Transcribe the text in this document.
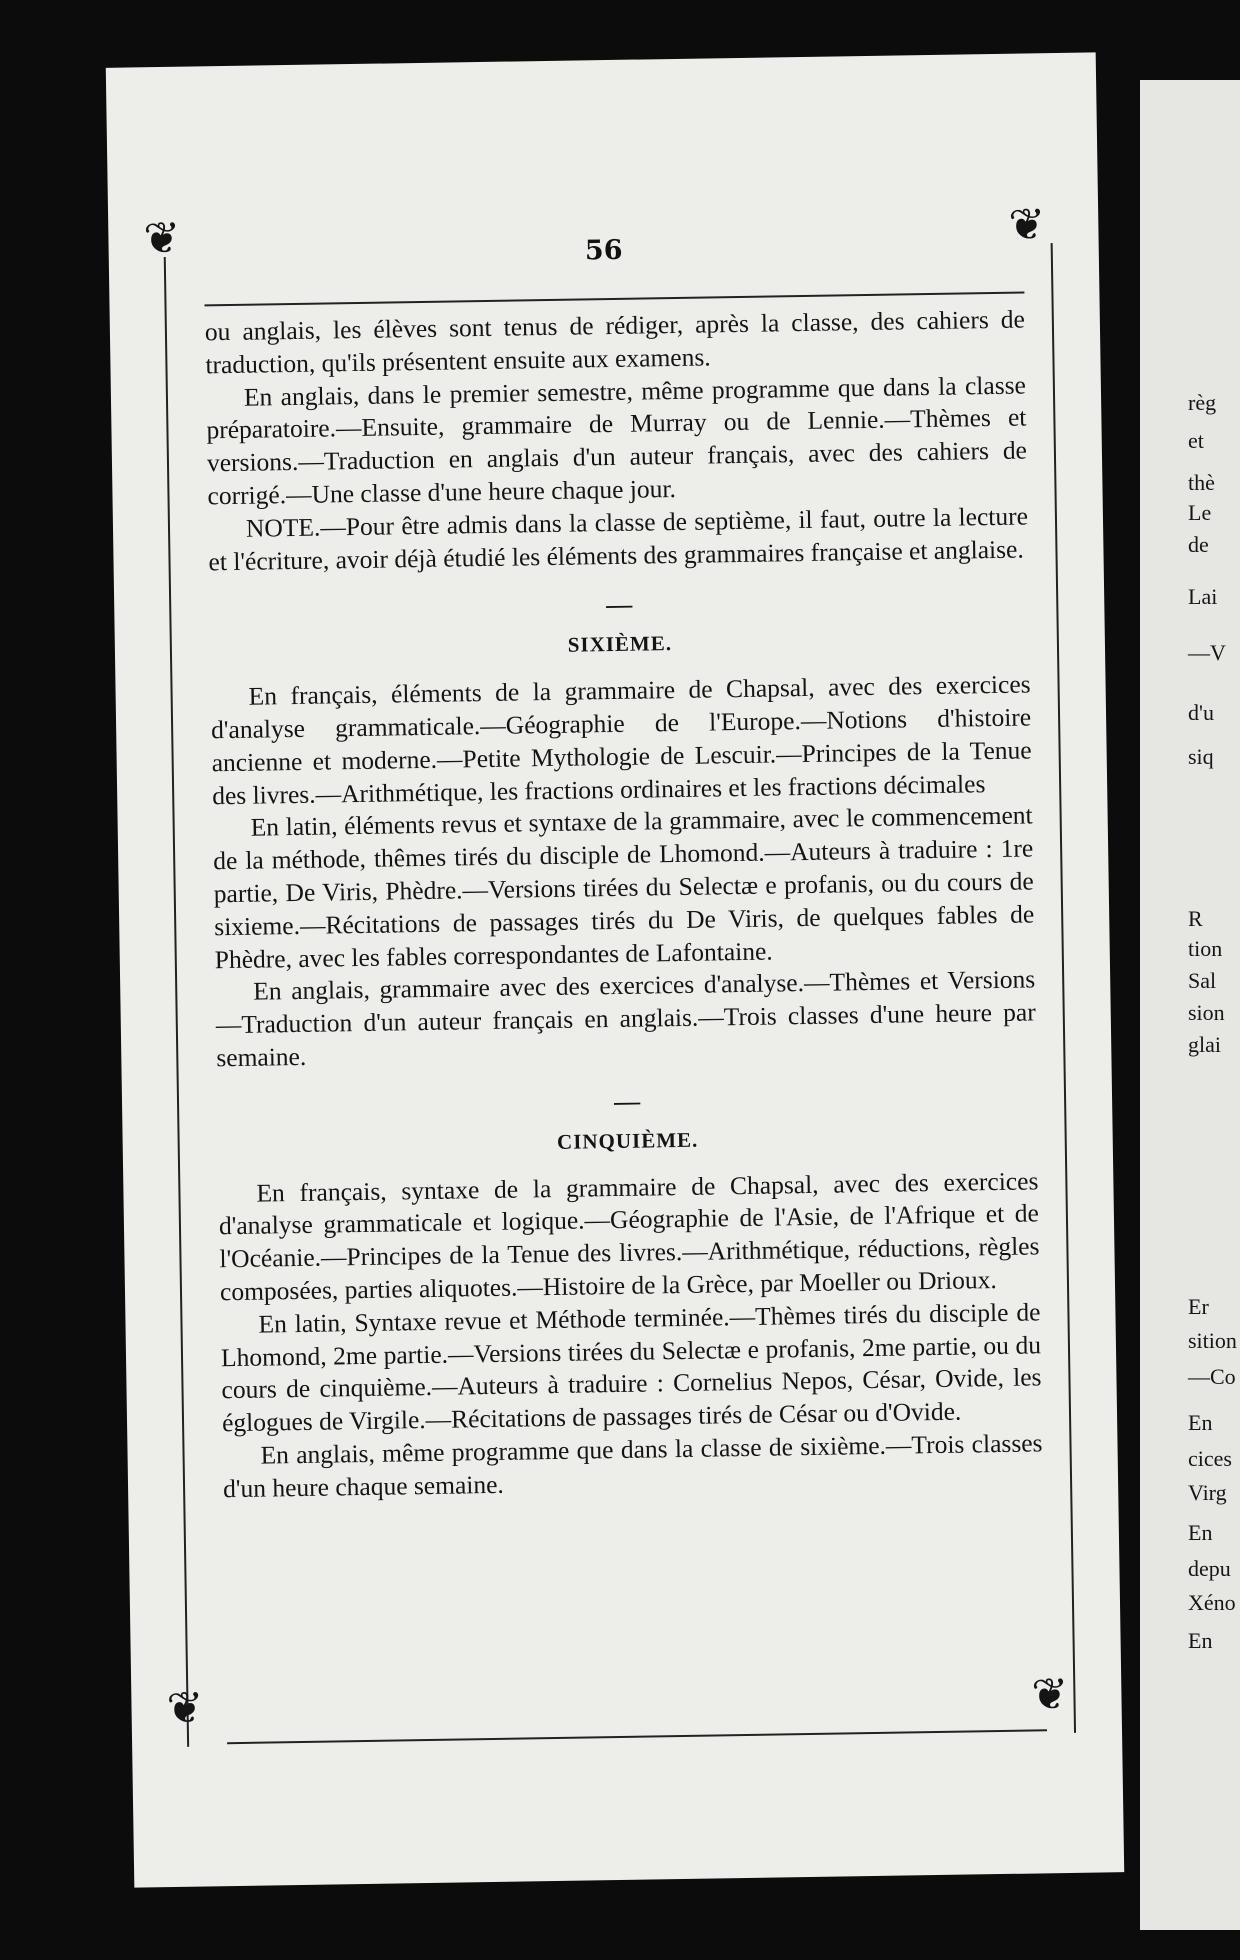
❦	❦
❦	❦
56

ou anglais, les élèves sont tenus de rédiger, après la classe, des cahiers de traduction, qu'ils présentent ensuite aux examens.

En anglais, dans le premier semestre, même programme que dans la classe préparatoire.—Ensuite, grammaire de Murray ou de Lennie.—Thèmes et versions.—Traduction en anglais d'un auteur français, avec des cahiers de corrigé.—Une classe d'une heure chaque jour.

NOTE.—Pour être admis dans la classe de septième, il faut, outre la lecture et l'écriture, avoir déjà étudié les éléments des grammaires française et anglaise.

—
SIXIÈME.

En français, éléments de la grammaire de Chapsal, avec des exercices d'analyse grammaticale.—Géographie de l'Europe.—Notions d'histoire ancienne et moderne.—Petite Mythologie de Lescuir.—Principes de la Tenue des livres.—Arithmétique, les fractions ordinaires et les fractions décimales

En latin, éléments revus et syntaxe de la grammaire, avec le commencement de la méthode, thêmes tirés du disciple de Lhomond.—Auteurs à traduire : 1re partie, De Viris, Phèdre.—Versions tirées du Selectæ e profanis, ou du cours de sixieme.—Récitations de passages tirés du De Viris, de quelques fables de Phèdre, avec les fables correspondantes de Lafontaine.

En anglais, grammaire avec des exercices d'analyse.—Thèmes et Versions —Traduction d'un auteur français en anglais.—Trois classes d'une heure par semaine.

—
CINQUIÈME.

En français, syntaxe de la grammaire de Chapsal, avec des exercices d'analyse grammaticale et logique.—Géographie de l'Asie, de l'Afrique et de l'Océanie.—Principes de la Tenue des livres.—Arithmétique, réductions, règles composées, parties aliquotes.—Histoire de la Grèce, par Moeller ou Drioux.

En latin, Syntaxe revue et Méthode terminée.—Thèmes tirés du disciple de Lhomond, 2me partie.—Versions tirées du Selectæ e profanis, 2me partie, ou du cours de cinquième.—Auteurs à traduire : Cornelius Nepos, César, Ovide, les églogues de Virgile.—Récitations de passages tirés de César ou d'Ovide.

En anglais, même programme que dans la classe de sixième.—Trois classes d'un heure chaque semaine.

règ
et
thè
Le
de
Lai
—V
d'u
siq
R
tion
Sal
sion
glai
Er
sition
—Co
En
cices
Virg
En
depu
Xéno
En
